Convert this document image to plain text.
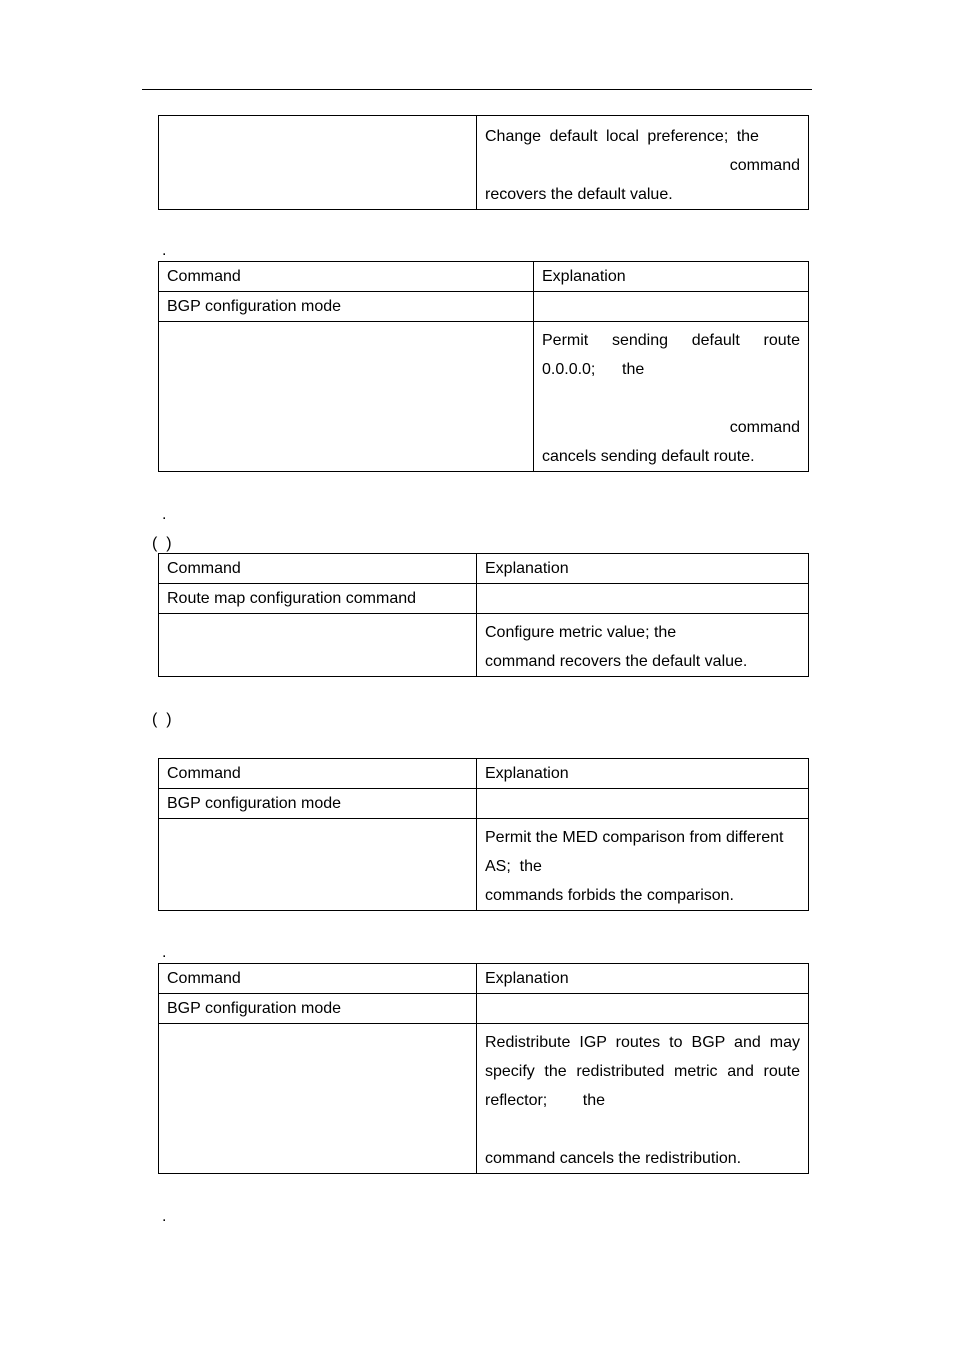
Change default local preference; the
command
recovers the default value.
.
Command	Explanation
BGP configuration mode	

	Permit sending default route
0.0.0.0;      the
command
cancels sending default route.
.
(  )
Command	Explanation
Route map configuration command	

	Configure metric value; the
command recovers the default value.
(  )
Command	Explanation
BGP configuration mode	

	Permit the MED comparison from different
AS;  the
commands forbids the comparison.
.
Command	Explanation
BGP configuration mode	

	Redistribute IGP routes to BGP and may
specify the redistributed metric and route
reflector;        the
command cancels the redistribution.
.
